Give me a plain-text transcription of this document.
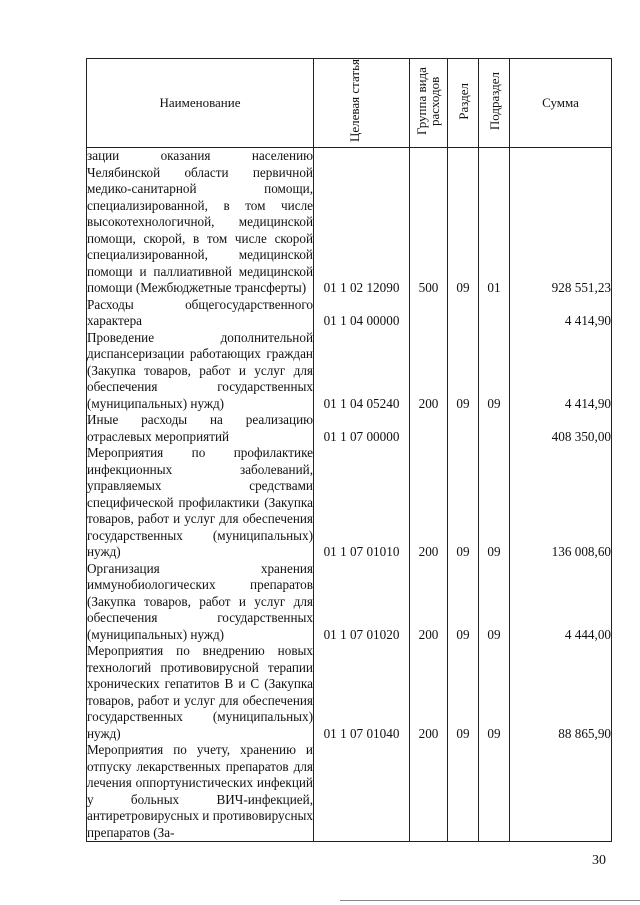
Наименование	Целевая статья	Группа вида расходов	Раздел	Подраздел	Сумма
зации оказания населению Челябинской области первичной медико-санитарной помощи, специализированной, в том числе высокотехнологичной, медицинской помощи, скорой, в том числе скорой специализированной, медицинской помощи и паллиативной медицинской помощи (Межбюджетные трансферты)	01 1 02 12090	500	09	01	928 551,23
Расходы общегосударственного характера	01 1 04 00000				4 414,90
Проведение дополнительной диспансеризации работающих граждан (Закупка товаров, работ и услуг для обеспечения государственных (муниципальных) нужд)	01 1 04 05240	200	09	09	4 414,90
Иные расходы на реализацию отраслевых мероприятий	01 1 07 00000				408 350,00
Мероприятия по профилактике инфекционных заболеваний, управляемых средствами специфической профилактики (Закупка товаров, работ и услуг для обеспечения государственных (муниципальных) нужд)	01 1 07 01010	200	09	09	136 008,60
Организация хранения иммунобиологических препаратов (Закупка товаров, работ и услуг для обеспечения государственных (муниципальных) нужд)	01 1 07 01020	200	09	09	4 444,00
Мероприятия по внедрению новых технологий противовирусной терапии хронических гепатитов В и С (Закупка товаров, работ и услуг для обеспечения государственных (муниципальных) нужд)	01 1 07 01040	200	09	09	88 865,90
Мероприятия по учету, хранению и отпуску лекарственных препаратов для лечения оппортунистических инфекций у больных ВИЧ-инфекцией, антиретровирусных и противовирусных препаратов (За-					
30
